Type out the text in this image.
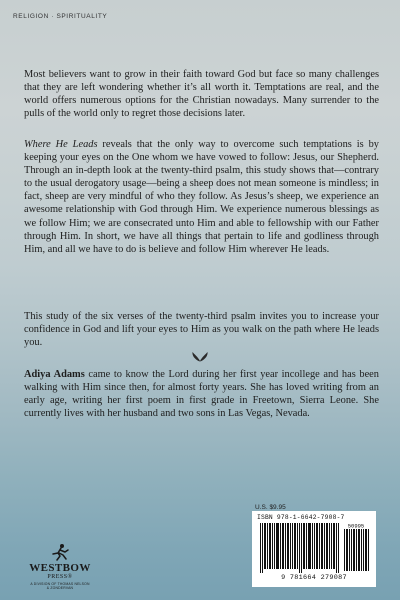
RELIGION · SPIRITUALITY

Most believers want to grow in their faith toward God but face so many challenges that they are left wondering whether it’s all worth it. Temptations are real, and the world offers numerous options for the Christian nowadays. Many surrender to the pulls of the world only to regret those decisions later.

Where He Leads reveals that the only way to overcome such temptations is by keeping your eyes on the One whom we have vowed to follow: Jesus, our Shepherd. Through an in-depth look at the twenty-third psalm, this study shows that—contrary to the usual derogatory usage—being a sheep does not mean someone is mindless; in fact, sheep are very mindful of who they follow. As Jesus’s sheep, we experience an awesome relationship with God through Him. We experience numerous blessings as we follow Him; we are consecrated unto Him and able to fellowship with our Father through Him. In short, we have all things that pertain to life and godliness through Him, and all we have to do is believe and follow Him wherever He leads.

This study of the six verses of the twenty-third psalm invites you to increase your confidence in God and lift your eyes to Him as you walk on the path where He leads you.

Adiya Adams came to know the Lord during her first year incollege and has been walking with Him since then, for almost forty years. She has loved writing from an early age, writing her first poem in first grade in Freetown, Sierra Leone. She currently lives with her husband and two sons in Las Vegas, Nevada.

U.S. $9.95
ISBN 978-1-6642-7908-7
50995
9 781664 279087
WESTBOW
PRESS®
A DIVISION OF THOMAS NELSON
& ZONDERVAN
